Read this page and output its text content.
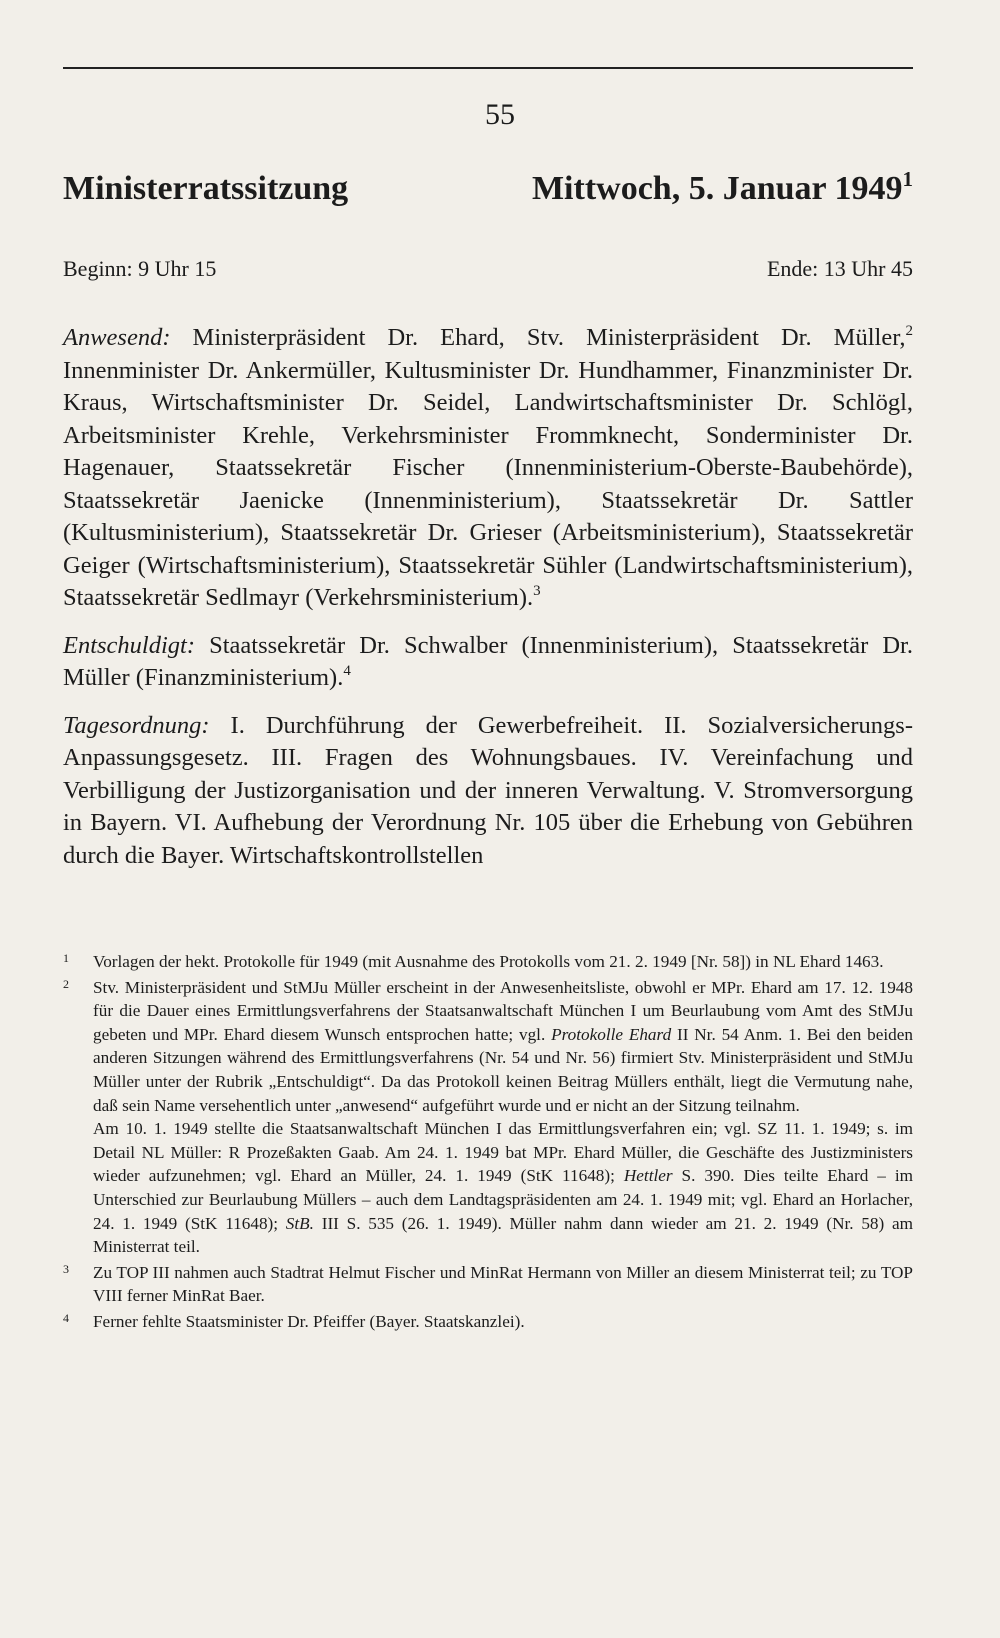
55
Ministerratssitzung	Mittwoch, 5. Januar 1949$^1$
Beginn: 9 Uhr 15	Ende: 13 Uhr 45

Anwesend: Ministerpräsident Dr. Ehard, Stv. Ministerpräsident Dr. Müller,$^2$ Innenminister Dr. Ankermüller, Kultusminister Dr. Hundhammer, Finanzminister Dr. Kraus, Wirtschaftsminister Dr. Seidel, Landwirtschaftsminister Dr. Schlögl, Arbeitsminister Krehle, Verkehrsminister Frommknecht, Sonderminister Dr. Hagenauer, Staatssekretär Fischer (Innenministerium-Oberste-Baubehörde), Staatssekretär Jaenicke (Innenministerium), Staatssekretär Dr. Sattler (Kultusministerium), Staatssekretär Dr. Grieser (Arbeitsministerium), Staatssekretär Geiger (Wirtschaftsministerium), Staatssekretär Sühler (Landwirtschaftsministerium), Staatssekretär Sedlmayr (Verkehrsministerium).$^3$

Entschuldigt: Staatssekretär Dr. Schwalber (Innenministerium), Staatssekretär Dr. Müller (Finanzministerium).$^4$

Tagesordnung: I. Durchführung der Gewerbefreiheit. II. Sozialversicherungs-Anpassungsgesetz. III. Fragen des Wohnungsbaues. IV. Vereinfachung und Verbilligung der Justizorganisation und der inneren Verwaltung. V. Stromversorgung in Bayern. VI. Aufhebung der Verordnung Nr. 105 über die Erhebung von Gebühren durch die Bayer. Wirtschaftskontrollstellen

1 Vorlagen der hekt. Protokolle für 1949 (mit Ausnahme des Protokolls vom 21. 2. 1949 [Nr. 58]) in NL Ehard 1463.

2 Stv. Ministerpräsident und StMJu Müller erscheint in der Anwesenheitsliste, obwohl er MPr. Ehard am 17. 12. 1948 für die Dauer eines Ermittlungsverfahrens der Staatsanwaltschaft München I um Beurlaubung vom Amt des StMJu gebeten und MPr. Ehard diesem Wunsch entsprochen hatte; vgl. Protokolle Ehard II Nr. 54 Anm. 1. Bei den beiden anderen Sitzungen während des Ermittlungsverfahrens (Nr. 54 und Nr. 56) firmiert Stv. Ministerpräsident und StMJu Müller unter der Rubrik „Entschuldigt“. Da das Protokoll keinen Beitrag Müllers enthält, liegt die Vermutung nahe, daß sein Name versehentlich unter „anwesend“ aufgeführt wurde und er nicht an der Sitzung teilnahm.

Am 10. 1. 1949 stellte die Staatsanwaltschaft München I das Ermittlungsverfahren ein; vgl. SZ 11. 1. 1949; s. im Detail NL Müller: R Prozeßakten Gaab. Am 24. 1. 1949 bat MPr. Ehard Müller, die Geschäfte des Justizministers wieder aufzunehmen; vgl. Ehard an Müller, 24. 1. 1949 (StK 11648); Hettler S. 390. Dies teilte Ehard – im Unterschied zur Beurlaubung Müllers – auch dem Landtagspräsidenten am 24. 1. 1949 mit; vgl. Ehard an Horlacher, 24. 1. 1949 (StK 11648); StB. III S. 535 (26. 1. 1949). Müller nahm dann wieder am 21. 2. 1949 (Nr. 58) am Ministerrat teil.

3 Zu TOP III nahmen auch Stadtrat Helmut Fischer und MinRat Hermann von Miller an diesem Ministerrat teil; zu TOP VIII ferner MinRat Baer.

4 Ferner fehlte Staatsminister Dr. Pfeiffer (Bayer. Staatskanzlei).
